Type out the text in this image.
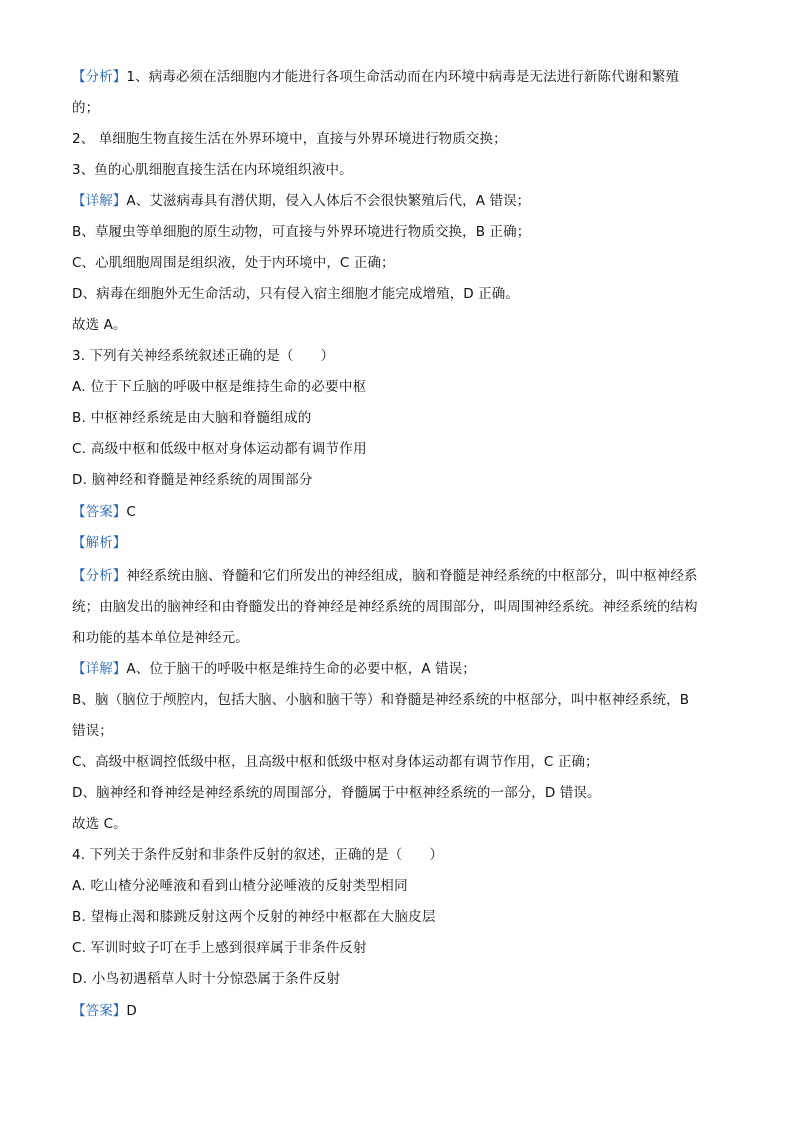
【分析】1、病毒必须在活细胞内才能进行各项生命活动而在内环境中病毒是无法进行新陈代谢和繁殖
的；
2、 单细胞生物直接生活在外界环境中，直接与外界环境进行物质交换；
3、鱼的心肌细胞直接生活在内环境组织液中。
【详解】A、艾滋病毒具有潜伏期，侵入人体后不会很快繁殖后代，A 错误；
B、草履虫等单细胞的原生动物，可直接与外界环境进行物质交换，B 正确；
C、心肌细胞周围是组织液，处于内环境中，C 正确；
D、病毒在细胞外无生命活动，只有侵入宿主细胞才能完成增殖，D 正确。
故选 A。
3. 下列有关神经系统叙述正确的是（　　）
A. 位于下丘脑的呼吸中枢是维持生命的必要中枢
B. 中枢神经系统是由大脑和脊髓组成的
C. 高级中枢和低级中枢对身体运动都有调节作用
D. 脑神经和脊髓是神经系统的周围部分
【答案】C
【解析】
【分析】神经系统由脑、脊髓和它们所发出的神经组成，脑和脊髓是神经系统的中枢部分，叫中枢神经系
统；由脑发出的脑神经和由脊髓发出的脊神经是神经系统的周围部分，叫周围神经系统。神经系统的结构
和功能的基本单位是神经元。
【详解】A、位于脑干的呼吸中枢是维持生命的必要中枢，A 错误；
B、脑（脑位于颅腔内，包括大脑、小脑和脑干等）和脊髓是神经系统的中枢部分，叫中枢神经系统，B
错误；
C、高级中枢调控低级中枢，且高级中枢和低级中枢对身体运动都有调节作用，C 正确；
D、脑神经和脊神经是神经系统的周围部分，脊髓属于中枢神经系统的一部分，D 错误。
故选 C。
4. 下列关于条件反射和非条件反射的叙述，正确的是（　　）
A. 吃山楂分泌唾液和看到山楂分泌唾液的反射类型相同
B. 望梅止渴和膝跳反射这两个反射的神经中枢都在大脑皮层
C. 军训时蚊子叮在手上感到很痒属于非条件反射
D. 小鸟初遇稻草人时十分惊恐属于条件反射
【答案】D
